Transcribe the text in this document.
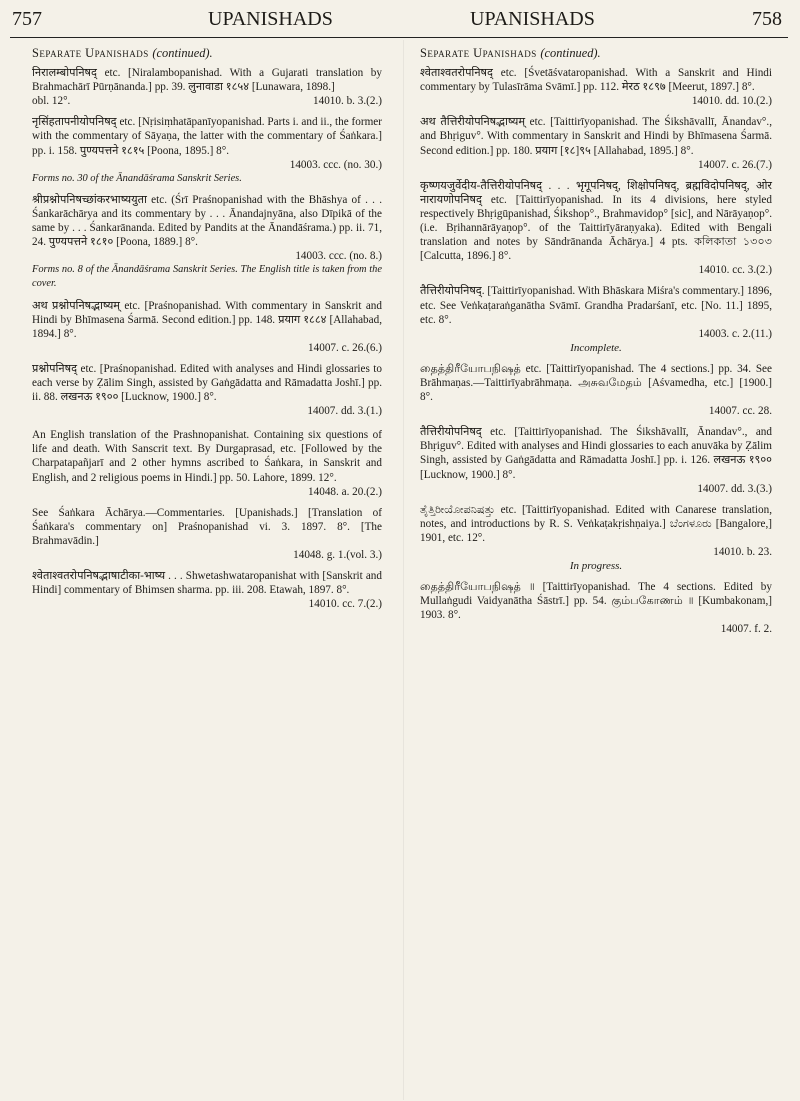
757	UPANISHADS	UPANISHADS	758
Separate Upanishads (continued).

निरालम्बोपनिषद् etc. [Niralambopanishad. With a Gujarati translation by Brahmachārī Pūrṇānanda.] pp. 39. लुनावाडा १८५४ [Lunawara, 1898.]

obl. 12°.	14010. b. 3.(2.)

नृसिंहतापनीयोपनिषद् etc. [Nṛisiṃhatāpanīyopanishad. Parts i. and ii., the former with the commentary of Sāyaṇa, the latter with the commentary of Śaṅkara.] pp. i. 158. पुण्यपत्तने १८१५ [Poona, 1895.] 8°.

14003. ccc. (no. 30.)

Forms no. 30 of the Ānandāśrama Sanskrit Series.

श्रीप्रश्नोपनिषच्छांकरभाष्ययुता etc. (Śrī Praśnopanishad with the Bhāshya of . . . Śankarāchārya and its commentary by . . . Ānandajnyāna, also Dīpikā of the same by . . . Śankarānanda. Edited by Pandits at the Ānandāśrama.) pp. ii. 71, 24. पुण्यपत्तने १८१० [Poona, 1889.] 8°.

14003. ccc. (no. 8.)

Forms no. 8 of the Ānandāśrama Sanskrit Series. The English title is taken from the cover.

अथ प्रश्नोपनिषद्भाष्यम् etc. [Praśnopanishad. With commentary in Sanskrit and Hindi by Bhīmasena Śarmā. Second edition.] pp. 148. प्रयाग १८८४ [Allahabad, 1894.] 8°.

14007. c. 26.(6.)

प्रश्नोपनिषद् etc. [Praśnopanishad. Edited with analyses and Hindi glossaries to each verse by Ẓālim Singh, assisted by Gaṅgādatta and Rāmadatta Joshī.] pp. ii. 88. लखनऊ १९०० [Lucknow, 1900.] 8°.

14007. dd. 3.(1.)

An English translation of the Prashnopanishat. Containing six questions of life and death. With Sanscrit text. By Durgaprasad, etc. [Followed by the Charpatapañjarī and 2 other hymns ascribed to Śaṅkara, in Sanskrit and English, and 2 religious poems in Hindi.] pp. 50. Lahore, 1899. 12°.

14048. a. 20.(2.)

See Śaṅkara Āchārya.—Commentaries. [Upanishads.] [Translation of Śaṅkara's commentary on] Praśnopanishad vi. 3. 1897. 8°. [The Brahmavādin.]

14048. g. 1.(vol. 3.)

श्वेताश्वतरोपनिषद्भाषाटीका-भाष्य . . . Shwetashwataropanishat with [Sanskrit and Hindi] commentary of Bhimsen sharma. pp. iii. 208. Etawah, 1897. 8°.

14010. cc. 7.(2.)
Separate Upanishads (continued).

श्वेताश्वतरोपनिषद् etc. [Śvetāśvataropanishad. With a Sanskrit and Hindi commentary by Tulasīrāma Svāmī.] pp. 112. मेरठ १८९७ [Meerut, 1897.] 8°.

14010. dd. 10.(2.)

अथ तैत्तिरीयोपनिषद्भाष्यम् etc. [Taittirīyopanishad. The Śikshāvallī, Ānandav°., and Bhṛiguv°. With commentary in Sanskrit and Hindi by Bhīmasena Śarmā. Second edition.] pp. 180. प्रयाग [१८]९५ [Allahabad, 1895.] 8°.

14007. c. 26.(7.)

कृष्णयजुर्वेदीय-तैत्तिरीयोपनिषद् . . . भृगूपनिषद्, शिक्षोपनिषद्, ब्रह्मविदोपनिषद्, ओर नारायणोपनिषद् etc. [Taittirīyopanishad. In its 4 divisions, here styled respectively Bhṛigūpanishad, Śikshop°., Brahmavidop° [sic], and Nārāyaṇop°. (i.e. Bṛihannārāyaṇop°. of the Taittirīyāraṇyaka). Edited with Bengali translation and notes by Sāndrānanda Āchārya.] 4 pts. কলিকাতা ১৩০৩ [Calcutta, 1896.] 8°.

14010. cc. 3.(2.)

तैत्तिरीयोपनिषद्. [Taittirīyopanishad. With Bhāskara Miśra's commentary.] 1896, etc. See Veṅkaṭaraṅganātha Svāmī. Grandha Pradarśanī, etc. [No. 11.] 1895, etc. 8°.

14003. c. 2.(11.)

Incomplete.

தைத்திரீயோபநிஷத் etc. [Taittirīyopanishad. The 4 sections.] pp. 34. See Brāhmaṇas.—Taittirīyabrāhmaṇa. அசுவமேதம் [Aśvamedha, etc.] [1900.] 8°.

14007. cc. 28.

तैत्तिरीयोपनिषद् etc. [Taittirīyopanishad. The Śikshāvallī, Ānandav°., and Bhṛiguv°. Edited with analyses and Hindi glossaries to each anuvāka by Ẓālim Singh, assisted by Gaṅgādatta and Rāmadatta Joshī.] pp. i. 126. लखनऊ १९०० [Lucknow, 1900.] 8°.

14007. dd. 3.(3.)

ತೈತ್ತಿರೀಯೋಪನಿಷತ್ತು etc. [Taittirīyopanishad. Edited with Canarese translation, notes, and introductions by R. S. Veṅkaṭakṛishṇaiya.] ಬೆಂಗಳೂರು [Bangalore,] 1901, etc. 12°.

14010. b. 23.

In progress.

தைத்திரீயோபநிஷத் ॥ [Taittirīyopanishad. The 4 sections. Edited by Mullaṅgudi Vaidyanātha Śāstrī.] pp. 54. கும்பகோணம் ॥ [Kumbakonam,] 1903. 8°.

14007. f. 2.
